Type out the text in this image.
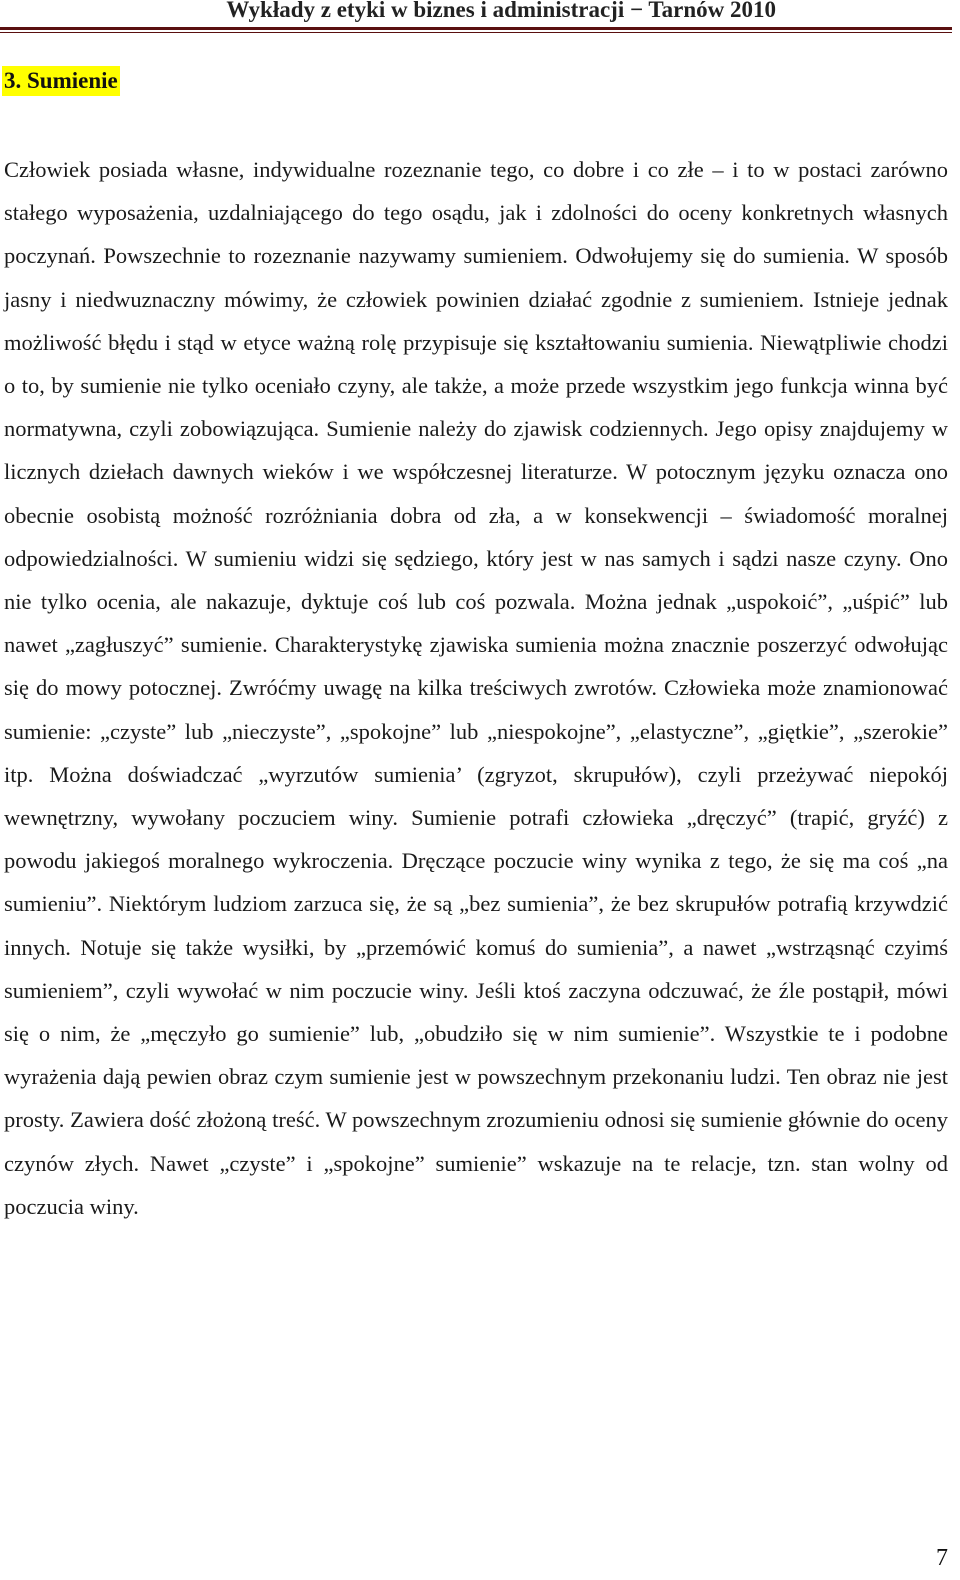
Wykłady z etyki w biznes i administracji − Tarnów 2010
3. Sumienie

Człowiek posiada własne, indywidualne rozeznanie tego, co dobre i co złe – i to w postaci zarówno stałego wyposażenia, uzdalniającego do tego osądu, jak i zdolności do oceny konkretnych własnych poczynań. Powszechnie to rozeznanie nazywamy sumieniem. Odwołujemy się do sumienia. W sposób jasny i niedwuznaczny mówimy, że człowiek powinien działać zgodnie z sumieniem. Istnieje jednak możliwość błędu i stąd w etyce ważną rolę przypisuje się kształtowaniu sumienia. Niewątpliwie chodzi o to, by sumienie nie tylko oceniało czyny, ale także, a może przede wszystkim jego funkcja winna być normatywna, czyli zobowiązująca. Sumienie należy do zjawisk codziennych. Jego opisy znajdujemy w licznych dziełach dawnych wieków i we współczesnej literaturze. W potocznym języku oznacza ono obecnie osobistą możność rozróżniania dobra od zła, a w konsekwencji – świadomość moralnej odpowiedzialności. W sumieniu widzi się sędziego, który jest w nas samych i sądzi nasze czyny. Ono nie tylko ocenia, ale nakazuje, dyktuje coś lub coś pozwala. Można jednak „uspokoić”, „uśpić” lub nawet „zagłuszyć” sumienie. Charakterystykę zjawiska sumienia można znacznie poszerzyć odwołując się do mowy potocznej. Zwróćmy uwagę na kilka treściwych zwrotów. Człowieka może znamionować sumienie: „czyste” lub „nieczyste”, „spokojne” lub „niespokojne”, „elastyczne”, „giętkie”, „szerokie” itp. Można doświadczać „wyrzutów sumienia’ (zgryzot, skrupułów), czyli przeżywać niepokój wewnętrzny, wywołany poczuciem winy. Sumienie potrafi człowieka „dręczyć” (trapić, gryźć) z powodu jakiegoś moralnego wykroczenia. Dręczące poczucie winy wynika z tego, że się ma coś „na sumieniu”. Niektórym ludziom zarzuca się, że są „bez sumienia”, że bez skrupułów potrafią krzywdzić innych. Notuje się także wysiłki, by „przemówić komuś do sumienia”, a nawet „wstrząsnąć czyimś sumieniem”, czyli wywołać w nim poczucie winy. Jeśli ktoś zaczyna odczuwać, że źle postąpił, mówi się o nim, że „męczyło go sumienie” lub, „obudziło się w nim sumienie”. Wszystkie te i podobne wyrażenia dają pewien obraz czym sumienie jest w powszechnym przekonaniu ludzi. Ten obraz nie jest prosty. Zawiera dość złożoną treść. W powszechnym zrozumieniu odnosi się sumienie głównie do oceny czynów złych. Nawet „czyste” i „spokojne” sumienie” wskazuje na te relacje, tzn. stan wolny od poczucia winy.

7
